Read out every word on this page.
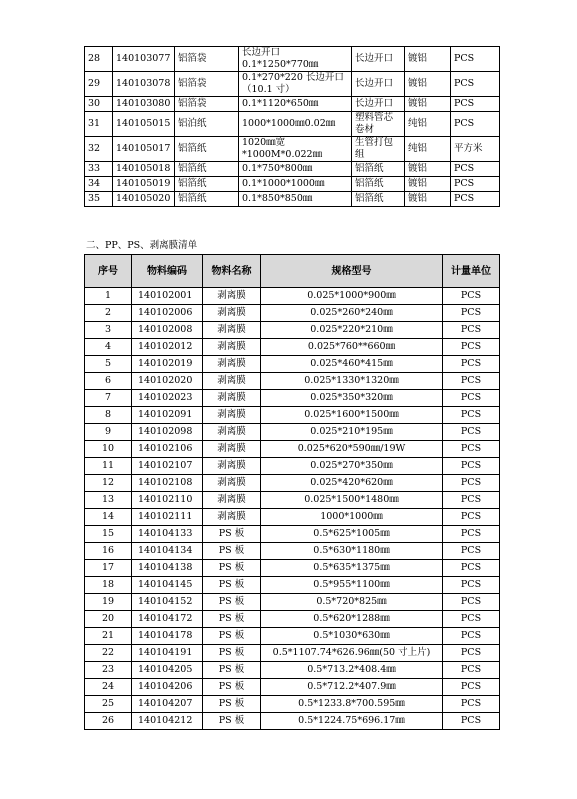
28	140103077	铝箔袋	长边开口 0.1*1250*770㎜	长边开口	镀铝	PCS
29	140103078	铝箔袋	0.1*270*220 长边开口（10.1 寸）	长边开口	镀铝	PCS
30	140103080	铝箔袋	0.1*1120*650㎜	长边开口	镀铝	PCS
31	140105015	铝泊纸	1000*1000㎜0.02㎜	塑料管芯卷材	纯铝	PCS
32	140105017	铝箔纸	1020㎜宽*1000M*0.022㎜	生管打包组	纯铝	平方米
33	140105018	铝箔纸	0.1*750*800㎜	铝箔纸	镀铝	PCS
34	140105019	铝箔纸	0.1*1000*1000㎜	铝箔纸	镀铝	PCS
35	140105020	铝箔纸	0.1*850*850㎜	铝箔纸	镀铝	PCS
二、PP、PS、剥离膜清单
序号	物料编码	物料名称	规格型号	计量单位
1	140102001	剥离膜	0.025*1000*900㎜	PCS
2	140102006	剥离膜	0.025*260*240㎜	PCS
3	140102008	剥离膜	0.025*220*210㎜	PCS
4	140102012	剥离膜	0.025*760**660㎜	PCS
5	140102019	剥离膜	0.025*460*415㎜	PCS
6	140102020	剥离膜	0.025*1330*1320㎜	PCS
7	140102023	剥离膜	0.025*350*320㎜	PCS
8	140102091	剥离膜	0.025*1600*1500㎜	PCS
9	140102098	剥离膜	0.025*210*195㎜	PCS
10	140102106	剥离膜	0.025*620*590㎜/19W	PCS
11	140102107	剥离膜	0.025*270*350㎜	PCS
12	140102108	剥离膜	0.025*420*620㎜	PCS
13	140102110	剥离膜	0.025*1500*1480㎜	PCS
14	140102111	剥离膜	1000*1000㎜	PCS
15	140104133	PS 板	0.5*625*1005㎜	PCS
16	140104134	PS 板	0.5*630*1180㎜	PCS
17	140104138	PS 板	0.5*635*1375㎜	PCS
18	140104145	PS 板	0.5*955*1100㎜	PCS
19	140104152	PS 板	0.5*720*825㎜	PCS
20	140104172	PS 板	0.5*620*1288㎜	PCS
21	140104178	PS 板	0.5*1030*630㎜	PCS
22	140104191	PS 板	0.5*1107.74*626.96㎜(50 寸上片)	PCS
23	140104205	PS 板	0.5*713.2*408.4㎜	PCS
24	140104206	PS 板	0.5*712.2*407.9㎜	PCS
25	140104207	PS 板	0.5*1233.8*700.595㎜	PCS
26	140104212	PS 板	0.5*1224.75*696.17㎜	PCS
